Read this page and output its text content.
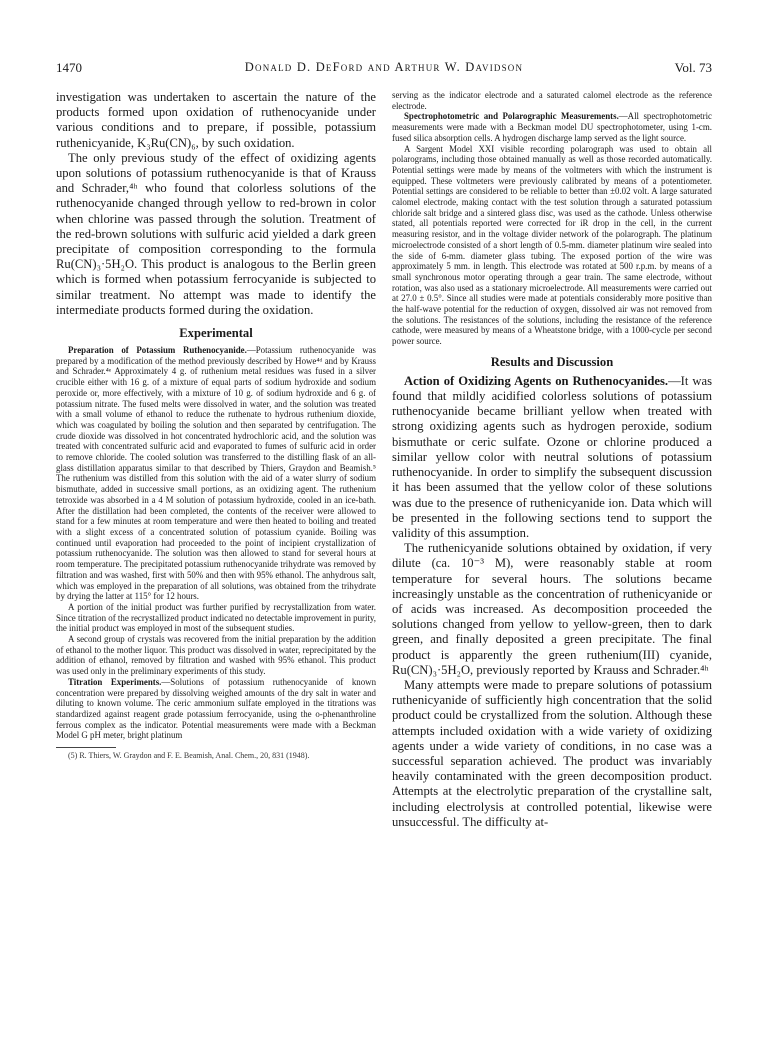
1470	Donald D. DeFord and Arthur W. Davidson	Vol. 73

investigation was undertaken to ascertain the nature of the products formed upon oxidation of ruthenocyanide under various conditions and to prepare, if possible, potassium ruthenicyanide, K₃Ru(CN)₆, by such oxidation.

The only previous study of the effect of oxidizing agents upon solutions of potassium ruthenocyanide is that of Krauss and Schrader,⁴ʰ who found that colorless solutions of the ruthenocyanide changed through yellow to red-brown in color when chlorine was passed through the solution. Treatment of the red-brown solutions with sulfuric acid yielded a dark green precipitate of composition corresponding to the formula Ru(CN)₃·5H₂O. This product is analogous to the Berlin green which is formed when potassium ferrocyanide is subjected to similar treatment. No attempt was made to identify the intermediate products formed during the oxidation.

Experimental

Preparation of Potassium Ruthenocyanide.—Potassium ruthenocyanide was prepared by a modification of the method previously described by Howe⁴ᵈ and by Krauss and Schrader.⁴ᵉ Approximately 4 g. of ruthenium metal residues was fused in a silver crucible either with 16 g. of a mixture of equal parts of sodium hydroxide and sodium peroxide or, more effectively, with a mixture of 10 g. of sodium hydroxide and 6 g. of potassium nitrate. The fused melts were dissolved in water, and the solution was treated with a small volume of ethanol to reduce the ruthenate to hydrous ruthenium dioxide, which was coagulated by boiling the solution and then separated by centrifugation. The crude dioxide was dissolved in hot concentrated hydrochloric acid, and the solution was treated with concentrated sulfuric acid and evaporated to fumes of sulfuric acid in order to remove chloride. The cooled solution was transferred to the distilling flask of an all-glass distillation apparatus similar to that described by Thiers, Graydon and Beamish.⁵ The ruthenium was distilled from this solution with the aid of a water slurry of sodium bismuthate, added in successive small portions, as an oxidizing agent. The ruthenium tetroxide was absorbed in a 4 M solution of potassium hydroxide, cooled in an ice-bath. After the distillation had been completed, the contents of the receiver were allowed to stand for a few minutes at room temperature and were then heated to boiling and treated with a slight excess of a concentrated solution of potassium cyanide. Boiling was continued until evaporation had proceeded to the point of incipient crystallization of potassium ruthenocyanide. The solution was then allowed to stand for several hours at room temperature. The precipitated potassium ruthenocyanide trihydrate was removed by filtration and was washed, first with 50% and then with 95% ethanol. The anhydrous salt, which was employed in the preparation of all solutions, was obtained from the trihydrate by drying the latter at 115° for 12 hours.

A portion of the initial product was further purified by recrystallization from water. Since titration of the recrystallized product indicated no detectable improvement in purity, the initial product was employed in most of the subsequent studies.

A second group of crystals was recovered from the initial preparation by the addition of ethanol to the mother liquor. This product was dissolved in water, reprecipitated by the addition of ethanol, removed by filtration and washed with 95% ethanol. This product was used only in the preliminary experiments of this study.

Titration Experiments.—Solutions of potassium ruthenocyanide of known concentration were prepared by dissolving weighed amounts of the dry salt in water and diluting to known volume. The ceric ammonium sulfate employed in the titrations was standardized against reagent grade potassium ferrocyanide, using the o-phenanthroline ferrous complex as the indicator. Potential measurements were made with a Beckman Model G pH meter, bright platinum

(5) R. Thiers, W. Graydon and F. E. Beamish, Anal. Chem., 20, 831 (1948).

serving as the indicator electrode and a saturated calomel electrode as the reference electrode.

Spectrophotometric and Polarographic Measurements.—All spectrophotometric measurements were made with a Beckman model DU spectrophotometer, using 1-cm. fused silica absorption cells. A hydrogen discharge lamp served as the light source.

A Sargent Model XXI visible recording polarograph was used to obtain all polarograms, including those obtained manually as well as those recorded automatically. Potential settings were made by means of the voltmeters with which the instrument is equipped. These voltmeters were previously calibrated by means of a potentiometer. Potential settings are considered to be reliable to better than ±0.02 volt. A large saturated calomel electrode, making contact with the test solution through a saturated potassium chloride salt bridge and a sintered glass disc, was used as the cathode. Unless otherwise stated, all potentials reported were corrected for iR drop in the cell, in the current measuring resistor, and in the voltage divider network of the polarograph. The platinum microelectrode consisted of a short length of 0.5-mm. diameter platinum wire sealed into the side of 6-mm. diameter glass tubing. The exposed portion of the wire was approximately 5 mm. in length. This electrode was rotated at 500 r.p.m. by means of a small synchronous motor operating through a gear train. The same electrode, without rotation, was also used as a stationary microelectrode. All measurements were carried out at 27.0 ± 0.5°. Since all studies were made at potentials considerably more positive than the half-wave potential for the reduction of oxygen, dissolved air was not removed from the solutions. The resistances of the solutions, including the resistance of the reference cathode, were measured by means of a Wheatstone bridge, with a 1000-cycle per second power source.

Results and Discussion

Action of Oxidizing Agents on Ruthenocyanides.—It was found that mildly acidified colorless solutions of potassium ruthenocyanide became brilliant yellow when treated with strong oxidizing agents such as hydrogen peroxide, sodium bismuthate or ceric sulfate. Ozone or chlorine produced a similar yellow color with neutral solutions of potassium ruthenocyanide. In order to simplify the subsequent discussion it has been assumed that the yellow color of these solutions was due to the presence of ruthenicyanide ion. Data which will be presented in the following sections tend to support the validity of this assumption.

The ruthenicyanide solutions obtained by oxidation, if very dilute (ca. 10⁻³ M), were reasonably stable at room temperature for several hours. The solutions became increasingly unstable as the concentration of ruthenicyanide or of acids was increased. As decomposition proceeded the solutions changed from yellow to yellow-green, then to dark green, and finally deposited a green precipitate. The final product is apparently the green ruthenium(III) cyanide, Ru(CN)₃·5H₂O, previously reported by Krauss and Schrader.⁴ʰ

Many attempts were made to prepare solutions of potassium ruthenicyanide of sufficiently high concentration that the solid product could be crystallized from the solution. Although these attempts included oxidation with a wide variety of oxidizing agents under a wide variety of conditions, in no case was a successful separation achieved. The product was invariably heavily contaminated with the green decomposition product. Attempts at the electrolytic preparation of the crystalline salt, including electrolysis at controlled potential, likewise were unsuccessful. The difficulty at-
